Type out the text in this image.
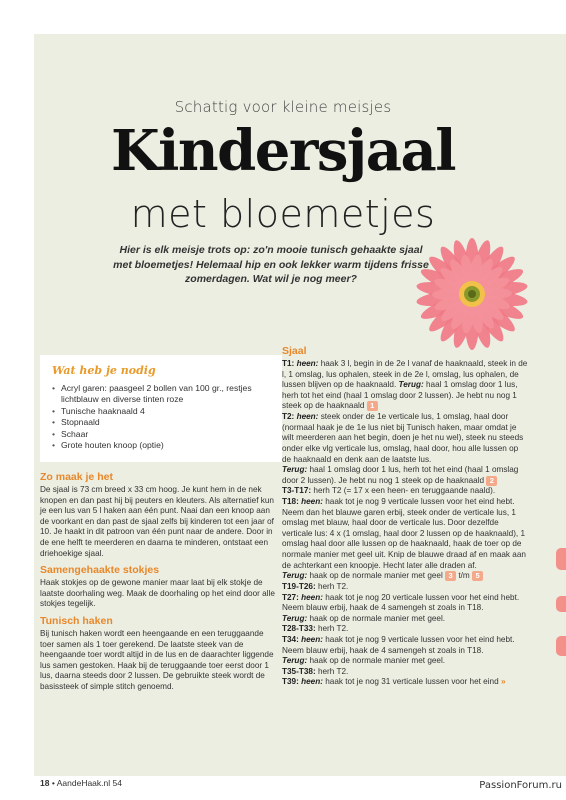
Schattig voor kleine meisjes
Kindersjaal
met bloemetjes
Hier is elk meisje trots op: zo'n mooie tunisch gehaakte sjaal met bloemetjes! Helemaal hip en ook lekker warm tijdens frisse zomerdagen. Wat wil je nog meer?
Wat heb je nodig
• Acryl garen: paasgeel 2 bollen van 100 gr., restjes lichtblauw en diverse tinten roze
• Tunische haaknaald 4
• Stopnaald
• Schaar
• Grote houten knoop (optie)
Zo maak je het

De sjaal is 73 cm breed x 33 cm hoog. Je kunt hem in de nek knopen en dan past hij bij peuters en kleuters. Als alternatief kun je een lus van 5 l haken aan één punt. Naai dan een knoop aan de voorkant en dan past de sjaal zelfs bij kinderen tot een jaar of 10. Je haakt in dit patroon van één punt naar de andere. Door in de ene helft te meerderen en daarna te minderen, ontstaat een driehoekige sjaal.

Samengehaakte stokjes

Haak stokjes op de gewone manier maar laat bij elk stokje de laatste doorhaling weg. Maak de doorhaling op het eind door alle stokjes tegelijk.

Tunisch haken

Bij tunisch haken wordt een heengaande en een teruggaande toer samen als 1 toer gerekend. De laatste steek van de heengaande toer wordt altijd in de lus en de daarachter liggende lus samen gestoken. Haak bij de teruggaande toer eerst door 1 lus, daarna steeds door 2 lussen. De gebruikte steek wordt de basissteek of simple stitch genoemd.

Sjaal

T1: heen: haak 3 l, begin in de 2e l vanaf de haaknaald, steek in de l, 1 omslag, lus ophalen, steek in de 2e l, omslag, lus ophalen, de lussen blijven op de haaknaald. Terug: haal 1 omslag door 1 lus, herh tot het eind (haal 1 omslag door 2 lussen). Je hebt nu nog 1 steek op de haaknaald 1

T2: heen: steek onder de 1e verticale lus, 1 omslag, haal door (normaal haak je de 1e lus niet bij Tunisch haken, maar omdat je wilt meerderen aan het begin, doen je het nu wel), steek nu steeds onder elke vlg verticale lus, omslag, haal door, hou alle lussen op de haaknaald en denk aan de laatste lus.

Terug: haal 1 omslag door 1 lus, herh tot het eind (haal 1 omslag door 2 lussen). Je hebt nu nog 1 steek op de haaknaald 2

T3-T17: herh T2 (= 17 x een heen- en teruggaande naald).

T18: heen: haak tot je nog 9 verticale lussen voor het eind hebt. Neem dan het blauwe garen erbij, steek onder de verticale lus, 1 omslag met blauw, haal door de verticale lus. Door dezelfde verticale lus: 4 x (1 omslag, haal door 2 lussen op de haaknaald), 1 omslag haal door alle lussen op de haaknaald, haak de toer op de normale manier met geel uit. Knip de blauwe draad af en maak aan de achterkant een knoopje. Hecht later alle draden af.

Terug: haak op de normale manier met geel 3 t/m 5

T19-T26: herh T2.

T27: heen: haak tot je nog 20 verticale lussen voor het eind hebt. Neem blauw erbij, haak de 4 samengeh st zoals in T18.

Terug: haak op de normale manier met geel.

T28-T33: herh T2.

T34: heen: haak tot je nog 9 verticale lussen voor het eind hebt. Neem blauw erbij, haak de 4 samengeh st zoals in T18.

Terug: haak op de normale manier met geel.

T35-T38: herh T2.

T39: heen: haak tot je nog 31 verticale lussen voor het eind »

18 • AandeHaak.nl 54	PassionForum.ru
